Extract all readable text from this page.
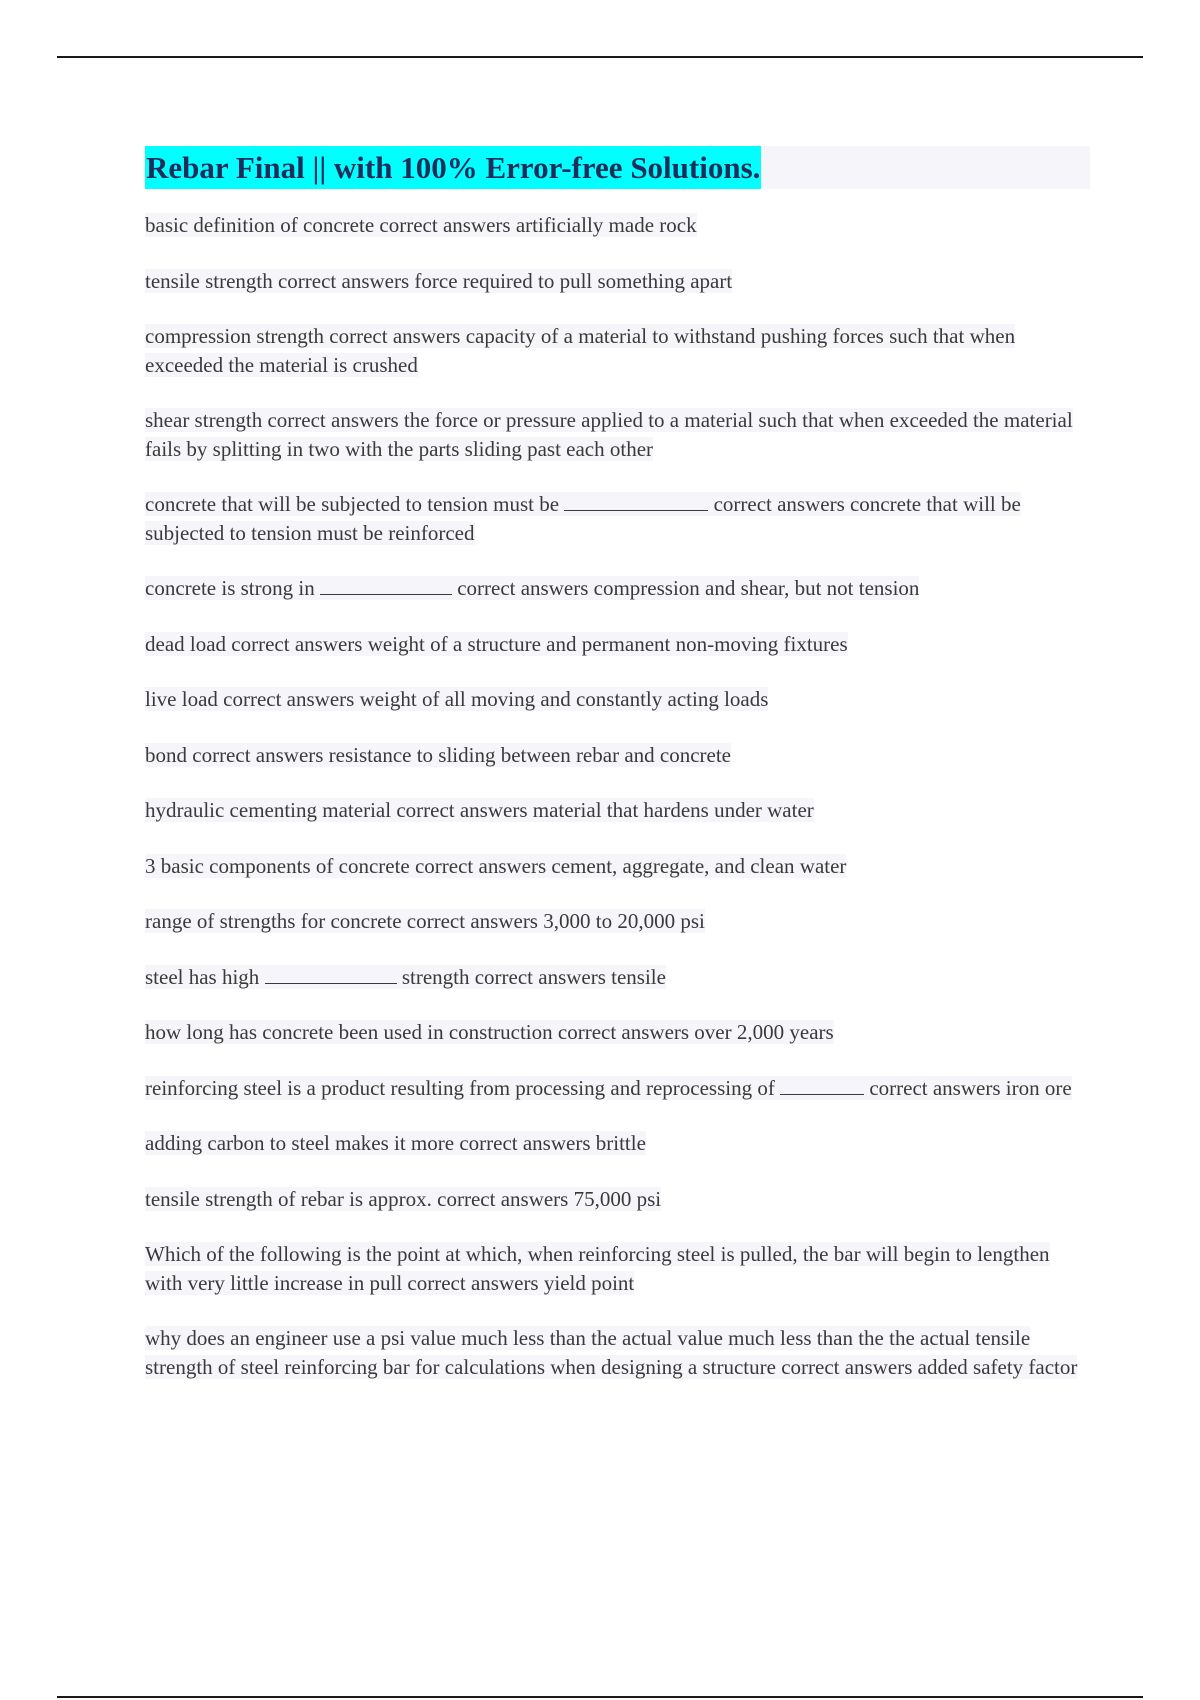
Rebar Final || with 100% Error-free Solutions.

basic definition of concrete correct answers artificially made rock

tensile strength correct answers force required to pull something apart

compression strength correct answers capacity of a material to withstand pushing forces such that when exceeded the material is crushed

shear strength correct answers the force or pressure applied to a material such that when exceeded the material fails by splitting in two with the parts sliding past each other

concrete that will be subjected to tension must be	correct answers concrete that will be subjected to tension must be reinforced

concrete is strong in	correct answers compression and shear, but not tension

dead load correct answers weight of a structure and permanent non-moving fixtures

live load correct answers weight of all moving and constantly acting loads

bond correct answers resistance to sliding between rebar and concrete

hydraulic cementing material correct answers material that hardens under water

3 basic components of concrete correct answers cement, aggregate, and clean water

range of strengths for concrete correct answers 3,000 to 20,000 psi

steel has high	strength correct answers tensile

how long has concrete been used in construction correct answers over 2,000 years

reinforcing steel is a product resulting from processing and reprocessing of	correct answers iron ore

adding carbon to steel makes it more correct answers brittle

tensile strength of rebar is approx. correct answers 75,000 psi

Which of the following is the point at which, when reinforcing steel is pulled, the bar will begin to lengthen with very little increase in pull correct answers yield point

why does an engineer use a psi value much less than the actual value much less than the the actual tensile strength of steel reinforcing bar for calculations when designing a structure correct answers added safety factor
